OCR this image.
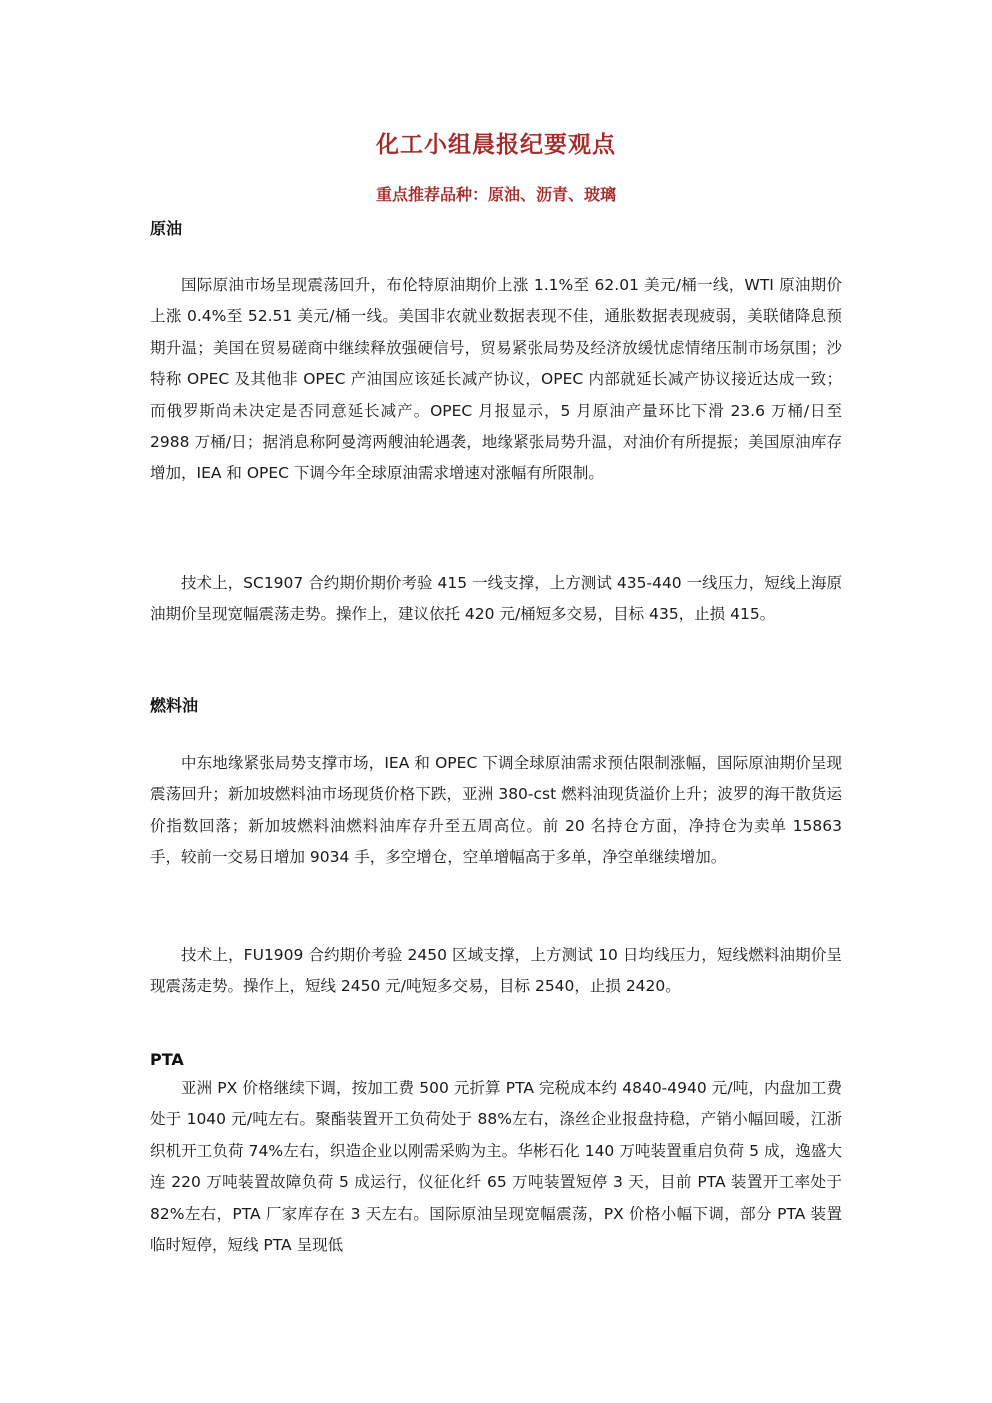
化工小组晨报纪要观点
重点推荐品种：原油、沥青、玻璃
原油

国际原油市场呈现震荡回升，布伦特原油期价上涨 1.1%至 62.01 美元/桶一线，WTI 原油期价上涨 0.4%至 52.51 美元/桶一线。美国非农就业数据表现不佳，通胀数据表现疲弱，美联储降息预期升温；美国在贸易磋商中继续释放强硬信号，贸易紧张局势及经济放缓忧虑情绪压制市场氛围；沙特称 OPEC 及其他非 OPEC 产油国应该延长减产协议，OPEC 内部就延长减产协议接近达成一致；而俄罗斯尚未决定是否同意延长减产。OPEC 月报显示，5 月原油产量环比下滑 23.6 万桶/日至 2988 万桶/日；据消息称阿曼湾两艘油轮遇袭，地缘紧张局势升温，对油价有所提振；美国原油库存增加，IEA 和 OPEC 下调今年全球原油需求增速对涨幅有所限制。

技术上，SC1907 合约期价期价考验 415 一线支撑，上方测试 435-440 一线压力，短线上海原油期价呈现宽幅震荡走势。操作上，建议依托 420 元/桶短多交易，目标 435，止损 415。

燃料油

中东地缘紧张局势支撑市场，IEA 和 OPEC 下调全球原油需求预估限制涨幅，国际原油期价呈现震荡回升；新加坡燃料油市场现货价格下跌，亚洲 380-cst 燃料油现货溢价上升；波罗的海干散货运价指数回落；新加坡燃料油燃料油库存升至五周高位。前 20 名持仓方面，净持仓为卖单 15863 手，较前一交易日增加 9034 手，多空增仓，空单增幅高于多单，净空单继续增加。

技术上，FU1909 合约期价考验 2450 区域支撑，上方测试 10 日均线压力，短线燃料油期价呈现震荡走势。操作上，短线 2450 元/吨短多交易，目标 2540，止损 2420。

PTA

亚洲 PX 价格继续下调，按加工费 500 元折算 PTA 完税成本约 4840-4940 元/吨，内盘加工费处于 1040 元/吨左右。聚酯装置开工负荷处于 88%左右，涤丝企业报盘持稳，产销小幅回暖，江浙织机开工负荷 74%左右，织造企业以刚需采购为主。华彬石化 140 万吨装置重启负荷 5 成，逸盛大连 220 万吨装置故障负荷 5 成运行，仪征化纤 65 万吨装置短停 3 天，目前 PTA 装置开工率处于 82%左右，PTA 厂家库存在 3 天左右。国际原油呈现宽幅震荡，PX 价格小幅下调，部分 PTA 装置临时短停，短线 PTA 呈现低
